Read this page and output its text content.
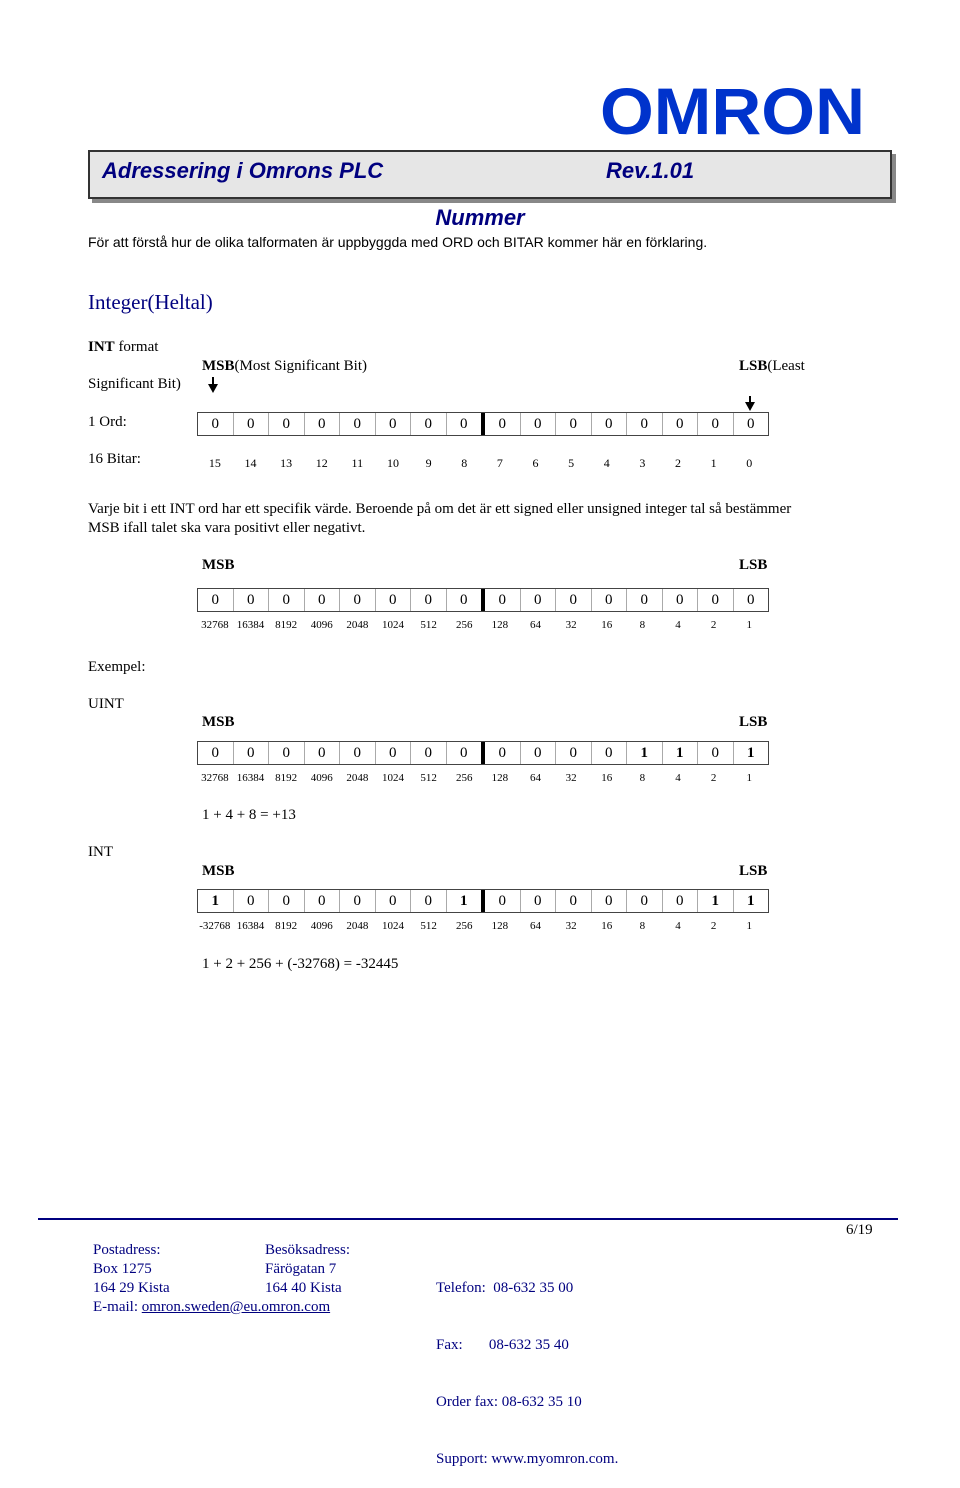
OMRON
Adressering i Omrons PLC	Rev.1.01
Nummer
För att förstå hur de olika talformaten är uppbyggda med ORD och BITAR kommer här en förklaring.
Integer(Heltal)
INT format
MSB(Most Significant Bit)	LSB(Least
Significant Bit)
1 Ord:	0	0	0	0	0	0	0	0	0	0	0	0	0	0	0	0
16 Bitar:	15	14	13	12	11	10	9	8	7	6	5	4	3	2	1	0
Varje bit i ett INT ord har ett specifik värde. Beroende på om det är ett signed eller unsigned integer tal så bestämmer
MSB ifall talet ska vara positivt eller negativt.
MSB	LSB
0	0	0	0	0	0	0	0	0	0	0	0	0	0	0	0
32768 16384 8192	4096	2048	1024	512	256	128	64	32	16	8	4	2	1
Exempel:
UINT
MSB	LSB
0	0	0	0	0	0	0	0	0	0	0	0	1	1	0	1
32768 16384 8192	4096	2048	1024	512	256	128	64	32	16	8	4	2	1
1 + 4 + 8 = +13
INT
MSB	LSB
1	0	0	0	0	0	0	1	0	0	0	0	0	0	1	1
-32768 16384 8192	4096	2048	1024	512	256	128	64	32	16	8	4	2	1
1 + 2 + 256 + (-32768) = -32445
6/19
Postadress:
Box 1275
164 29 Kista
E-mail: omron.sweden@eu.omron.com
Besöksadress:
Färögatan 7
164 40 Kista

	Telefon:  08-632 35 00

Fax:       08-632 35 40

Order fax: 08-632 35 10

Support: www.myomron.com.
